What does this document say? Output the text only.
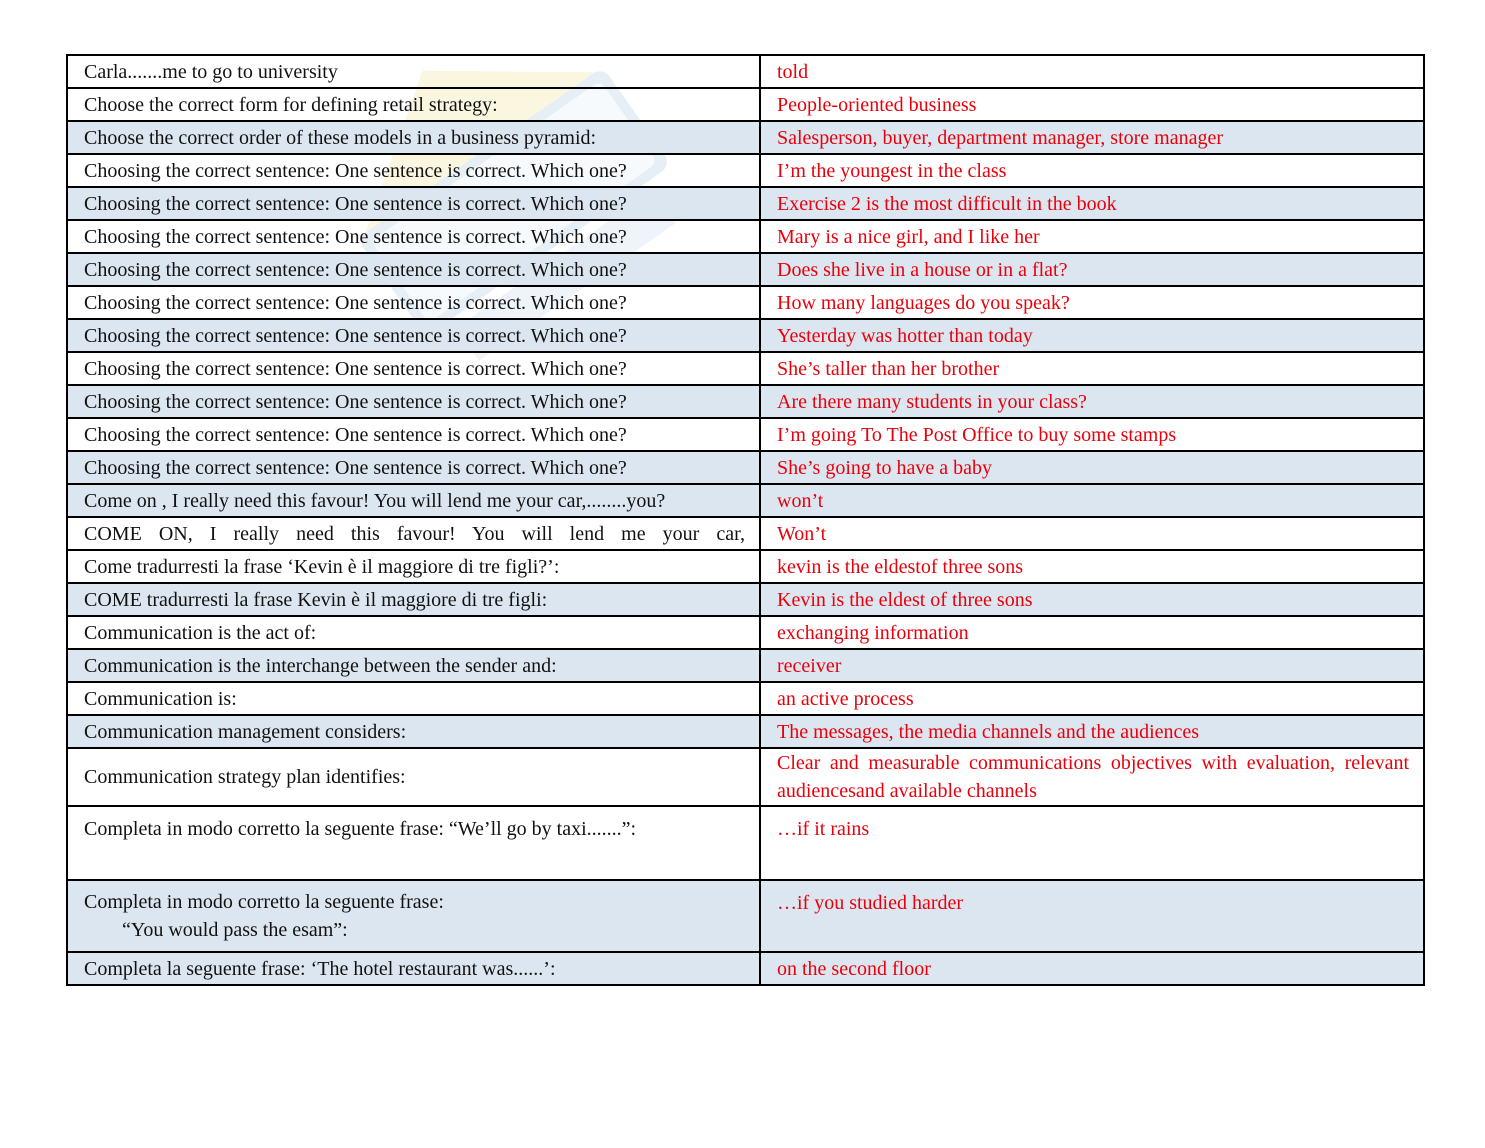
Carla.......me to go to university	told
Choose the correct form for defining retail strategy:	People-oriented business
Choose the correct order of these models in a business pyramid:	Salesperson, buyer, department manager, store manager
Choosing the correct sentence: One sentence is correct. Which one?	I’m the youngest in the class
Choosing the correct sentence: One sentence is correct. Which one?	Exercise 2 is the most difficult in the book
Choosing the correct sentence: One sentence is correct. Which one?	Mary is a nice girl, and I like her
Choosing the correct sentence: One sentence is correct. Which one?	Does she live in a house or in a flat?
Choosing the correct sentence: One sentence is correct. Which one?	How many languages do you speak?
Choosing the correct sentence: One sentence is correct. Which one?	Yesterday was hotter than today
Choosing the correct sentence: One sentence is correct. Which one?	She’s taller than her brother
Choosing the correct sentence: One sentence is correct. Which one?	Are there many students in your class?
Choosing the correct sentence: One sentence is correct. Which one?	I’m going To The Post Office to buy some stamps
Choosing the correct sentence: One sentence is correct. Which one?	She’s going to have a baby
Come on , I really need this favour! You will lend me your car,........you?	won’t
COME ON, I really need this favour! You will lend me your car,	Won’t
Come tradurresti la frase ‘Kevin è il maggiore di tre figli?’:	kevin is the eldestof three sons
COME tradurresti la frase Kevin è il maggiore di tre figli:	Kevin is the eldest of three sons
Communication is the act of:	exchanging information
Communication is the interchange between the sender and:	receiver
Communication is:	an active process
Communication management considers:	The messages, the media channels and the audiences
Communication strategy plan identifies:	Clear and measurable communications objectives with evaluation, relevant audiencesand available channels
Completa in modo corretto la seguente frase: “We’ll go by taxi.......”:	…if it rains

Completa in modo corretto la seguente frase:
“You would pass the esam”:	…if you studied harder
Completa la seguente frase: ‘The hotel restaurant was......’:	on the second floor
